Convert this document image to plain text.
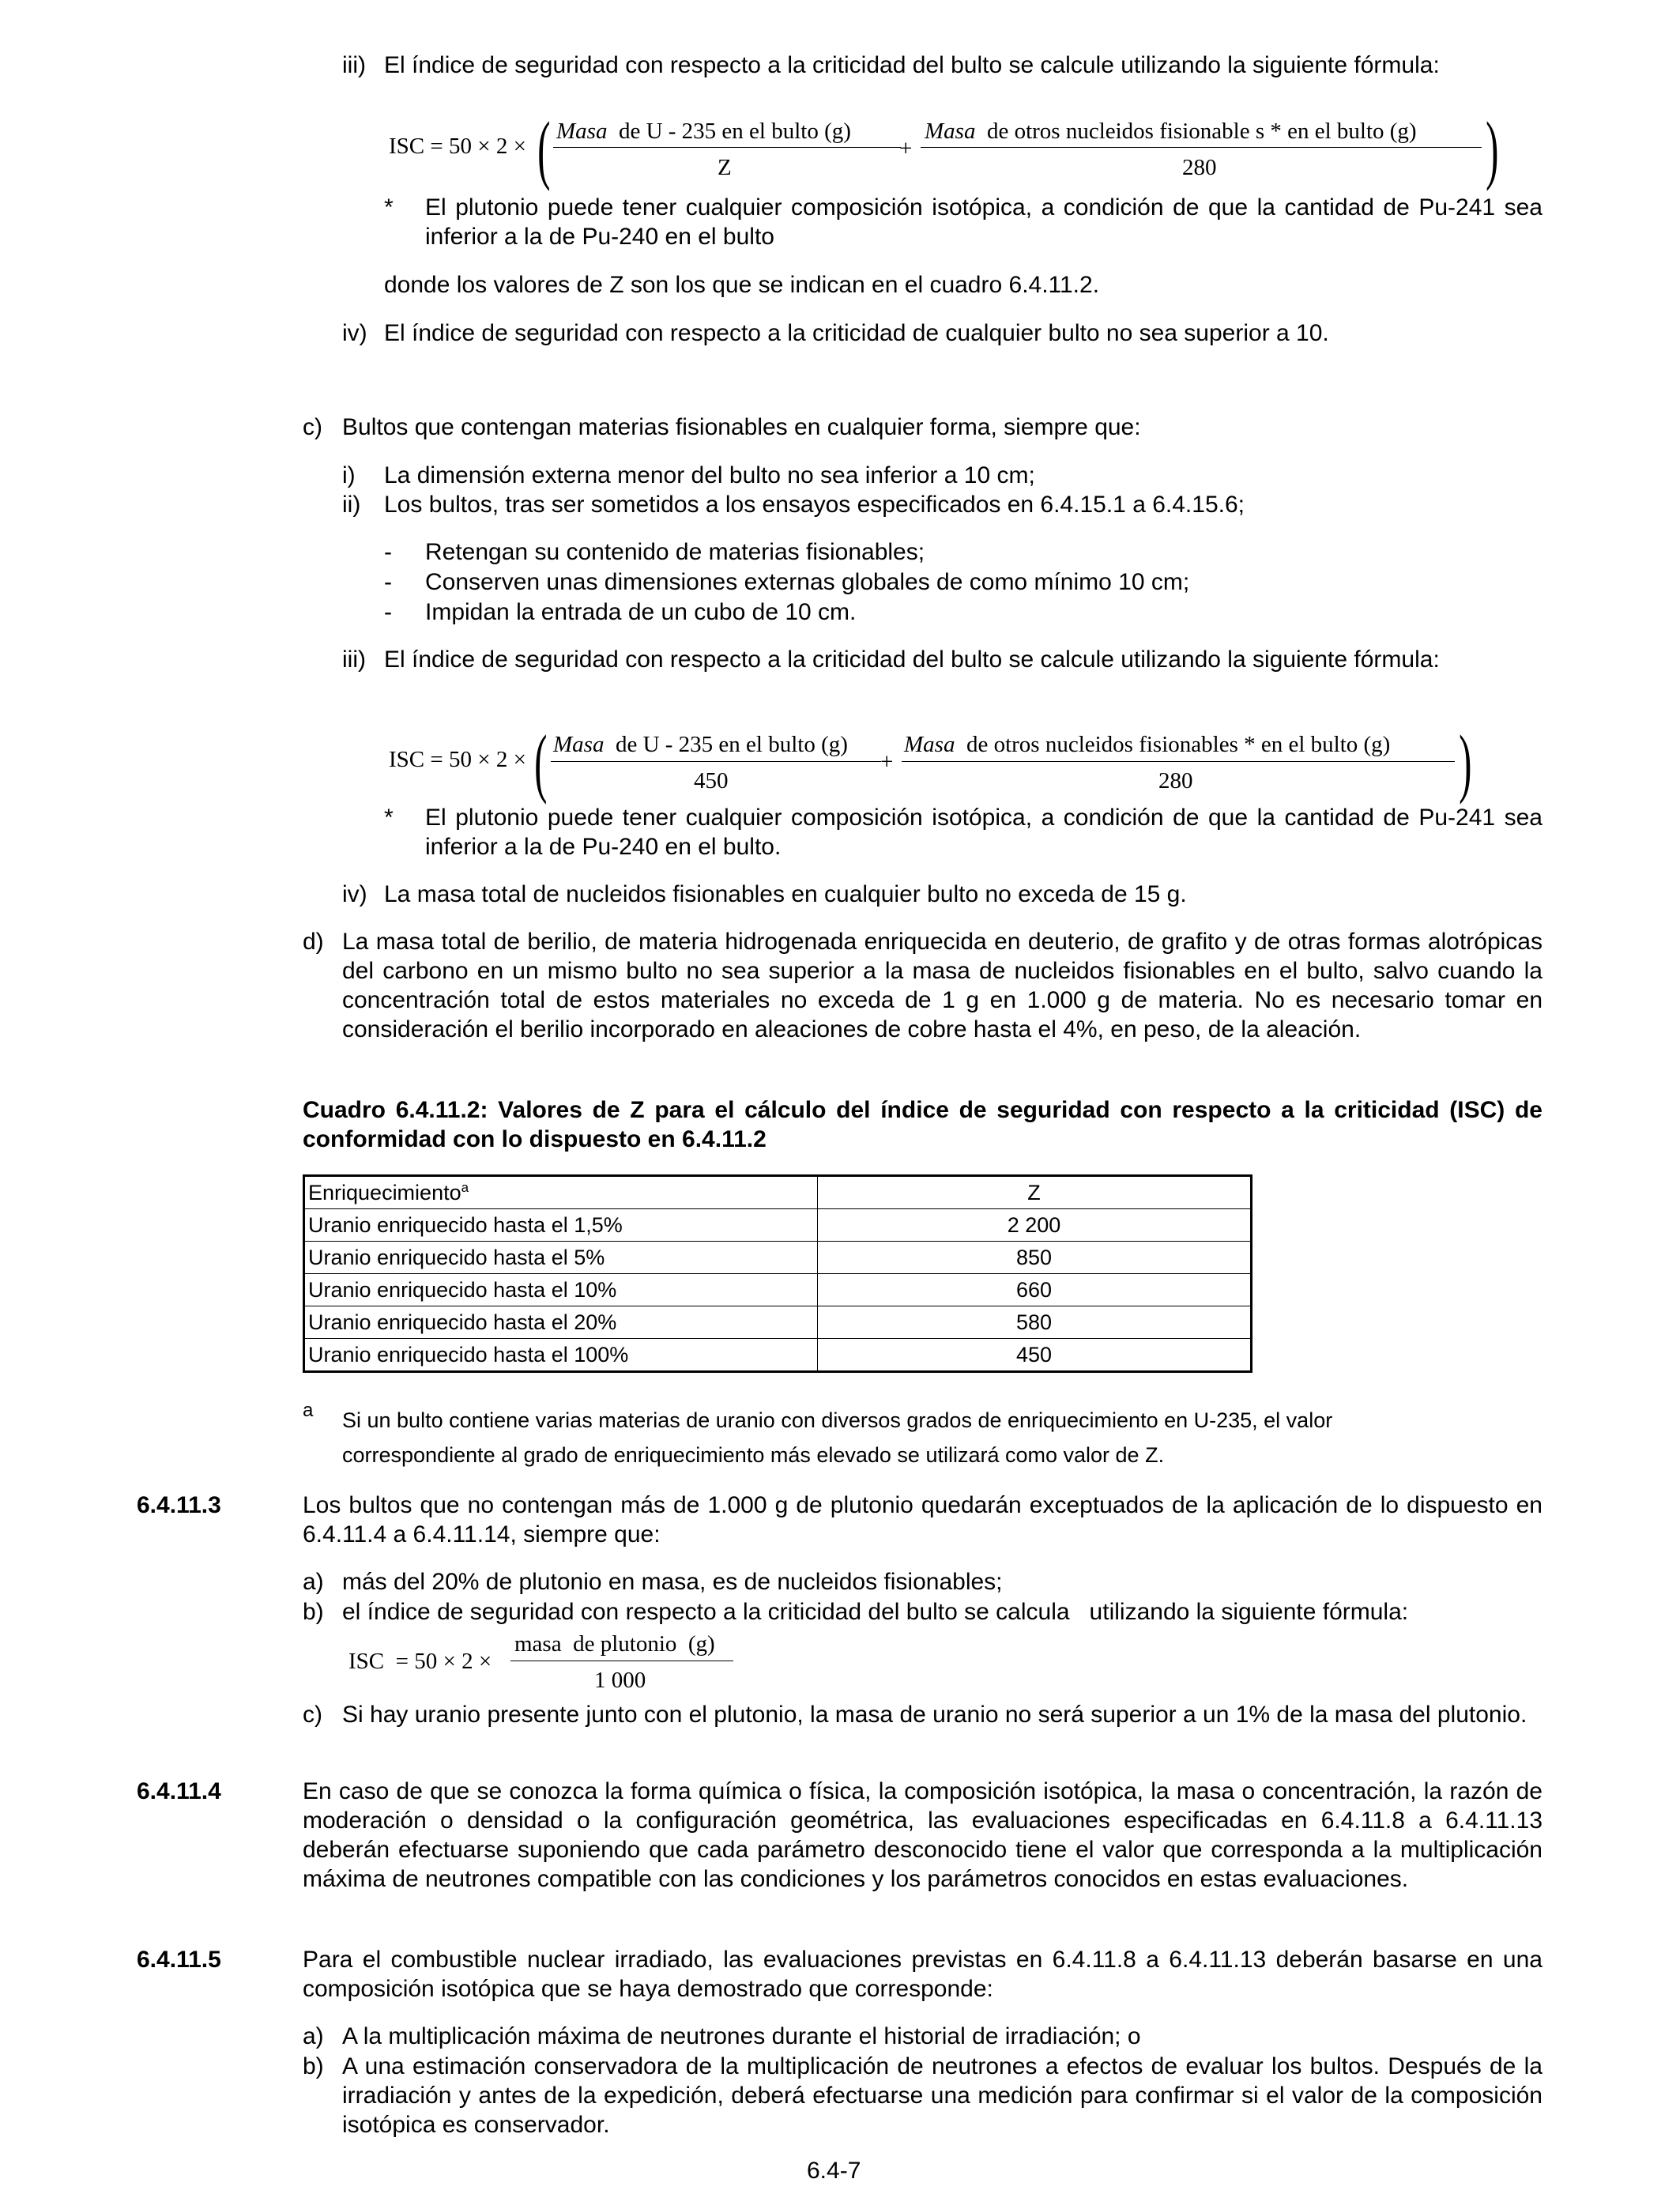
iii) El índice de seguridad con respecto a la criticidad del bulto se calcule utilizando la siguiente fórmula:
ISC = 50 × 2 × ( Masa de U - 235 en el bulto (g)
Z
+
Masa de otros nucleidos fisionable s * en el bulto (g)
280	)
* El plutonio puede tener cualquier composición isotópica, a condición de que la cantidad de Pu-241 sea inferior a la de Pu-240 en el bulto
donde los valores de Z son los que se indican en el cuadro 6.4.11.2.
iv) El índice de seguridad con respecto a la criticidad de cualquier bulto no sea superior a 10.
c) Bultos que contengan materias fisionables en cualquier forma, siempre que:
i) La dimensión externa menor del bulto no sea inferior a 10 cm;
ii) Los bultos, tras ser sometidos a los ensayos especificados en 6.4.15.1 a 6.4.15.6;
- Retengan su contenido de materias fisionables;
- Conserven unas dimensiones externas globales de como mínimo 10 cm;
- Impidan la entrada de un cubo de 10 cm.
iii) El índice de seguridad con respecto a la criticidad del bulto se calcule utilizando la siguiente fórmula:
ISC = 50 × 2 × ( Masa de U - 235 en el bulto (g)
450
+
Masa de otros nucleidos fisionables * en el bulto (g)
280	)
* El plutonio puede tener cualquier composición isotópica, a condición de que la cantidad de Pu-241 sea inferior a la de Pu-240 en el bulto.
iv) La masa total de nucleidos fisionables en cualquier bulto no exceda de 15 g.
d) La masa total de berilio, de materia hidrogenada enriquecida en deuterio, de grafito y de otras formas alotrópicas del carbono en un mismo bulto no sea superior a la masa de nucleidos fisionables en el bulto, salvo cuando la concentración total de estos materiales no exceda de 1 g en 1.000 g de materia. No es necesario tomar en consideración el berilio incorporado en aleaciones de cobre hasta el 4%, en peso, de la aleación.
Cuadro 6.4.11.2: Valores de Z para el cálculo del índice de seguridad con respecto a la criticidad (ISC) de conformidad con lo dispuesto en 6.4.11.2
Enriquecimiento$^a$	Z
Uranio enriquecido hasta el 1,5%	2 200
Uranio enriquecido hasta el 5%	850
Uranio enriquecido hasta el 10%	660
Uranio enriquecido hasta el 20%	580
Uranio enriquecido hasta el 100%	450
a Si un bulto contiene varias materias de uranio con diversos grados de enriquecimiento en U-235, el valor correspondiente al grado de enriquecimiento más elevado se utilizará como valor de Z.
6.4.11.3	Los bultos que no contengan más de 1.000 g de plutonio quedarán exceptuados de la aplicación de lo dispuesto en 6.4.11.4 a 6.4.11.14, siempre que:
a) más del 20% de plutonio en masa, es de nucleidos fisionables;
b) el índice de seguridad con respecto a la criticidad del bulto se calcula   utilizando la siguiente fórmula:
ISC  = 50 × 2 ×
masa  de plutonio  (g)
1 000
c) Si hay uranio presente junto con el plutonio, la masa de uranio no será superior a un 1% de la masa del plutonio.
6.4.11.4	En caso de que se conozca la forma química o física, la composición isotópica, la masa o concentración, la razón de moderación o densidad o la configuración geométrica, las evaluaciones especificadas en 6.4.11.8 a 6.4.11.13 deberán efectuarse suponiendo que cada parámetro desconocido tiene el valor que corresponda a la multiplicación máxima de neutrones compatible con las condiciones y los parámetros conocidos en estas evaluaciones.
6.4.11.5	Para el combustible nuclear irradiado, las evaluaciones previstas en 6.4.11.8 a 6.4.11.13 deberán basarse en una composición isotópica que se haya demostrado que corresponde:
a) A la multiplicación máxima de neutrones durante el historial de irradiación; o
b) A una estimación conservadora de la multiplicación de neutrones a efectos de evaluar los bultos. Después de la irradiación y antes de la expedición, deberá efectuarse una medición para confirmar si el valor de la composición isotópica es conservador.
6.4-7
